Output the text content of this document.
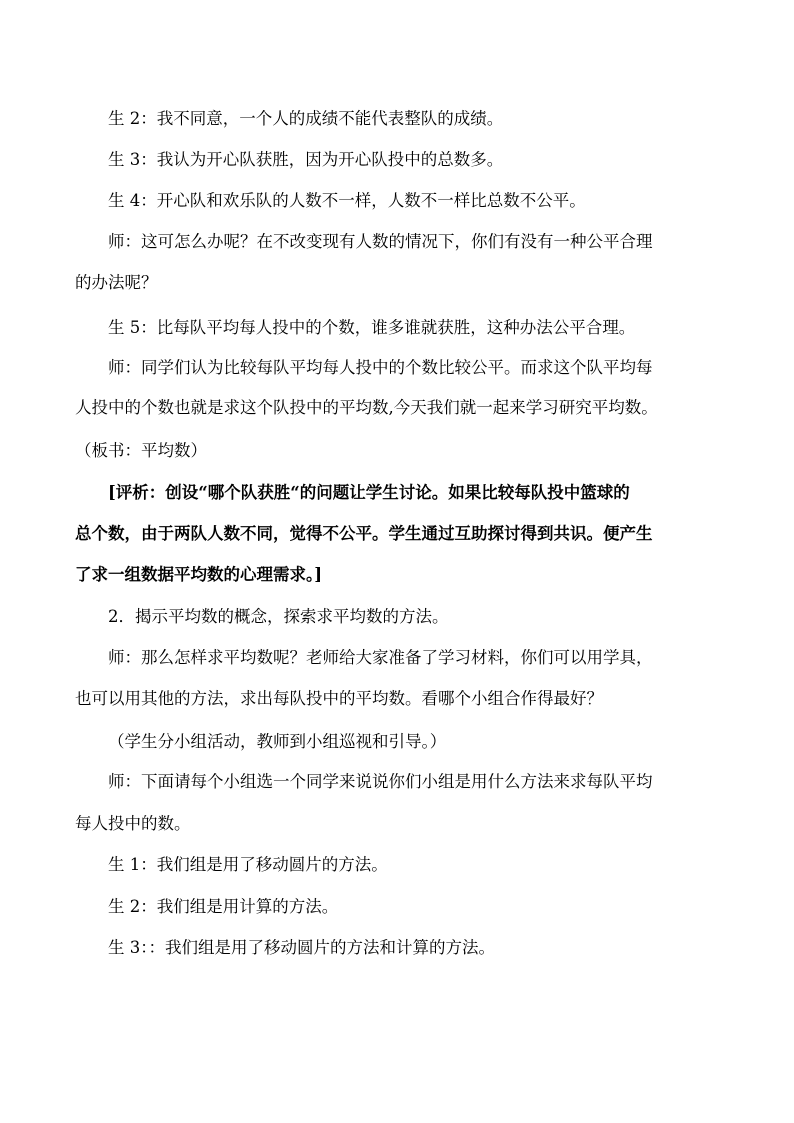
生 2：我不同意，一个人的成绩不能代表整队的成绩。
生 3：我认为开心队获胜，因为开心队投中的总数多。
生 4：开心队和欢乐队的人数不一样，人数不一样比总数不公平。
师：这可怎么办呢？在不改变现有人数的情况下，你们有没有一种公平合理
的办法呢？
生 5：比每队平均每人投中的个数，谁多谁就获胜，这种办法公平合理。
师：同学们认为比较每队平均每人投中的个数比较公平。而求这个队平均每
人投中的个数也就是求这个队投中的平均数,今天我们就一起来学习研究平均数。
（板书：平均数）
[评析：创设“哪个队获胜“的问题让学生讨论。如果比较每队投中篮球的
总个数，由于两队人数不同，觉得不公平。学生通过互助探讨得到共识。便产生
了求一组数据平均数的心理需求。]
2．揭示平均数的概念，探索求平均数的方法。
师：那么怎样求平均数呢？老师给大家准备了学习材料，你们可以用学具，
也可以用其他的方法，求出每队投中的平均数。看哪个小组合作得最好？
（学生分小组活动，教师到小组巡视和引导。）
师：下面请每个小组选一个同学来说说你们小组是用什么方法来求每队平均
每人投中的数。
生 1：我们组是用了移动圆片的方法。
生 2：我们组是用计算的方法。
生 3：：我们组是用了移动圆片的方法和计算的方法。
